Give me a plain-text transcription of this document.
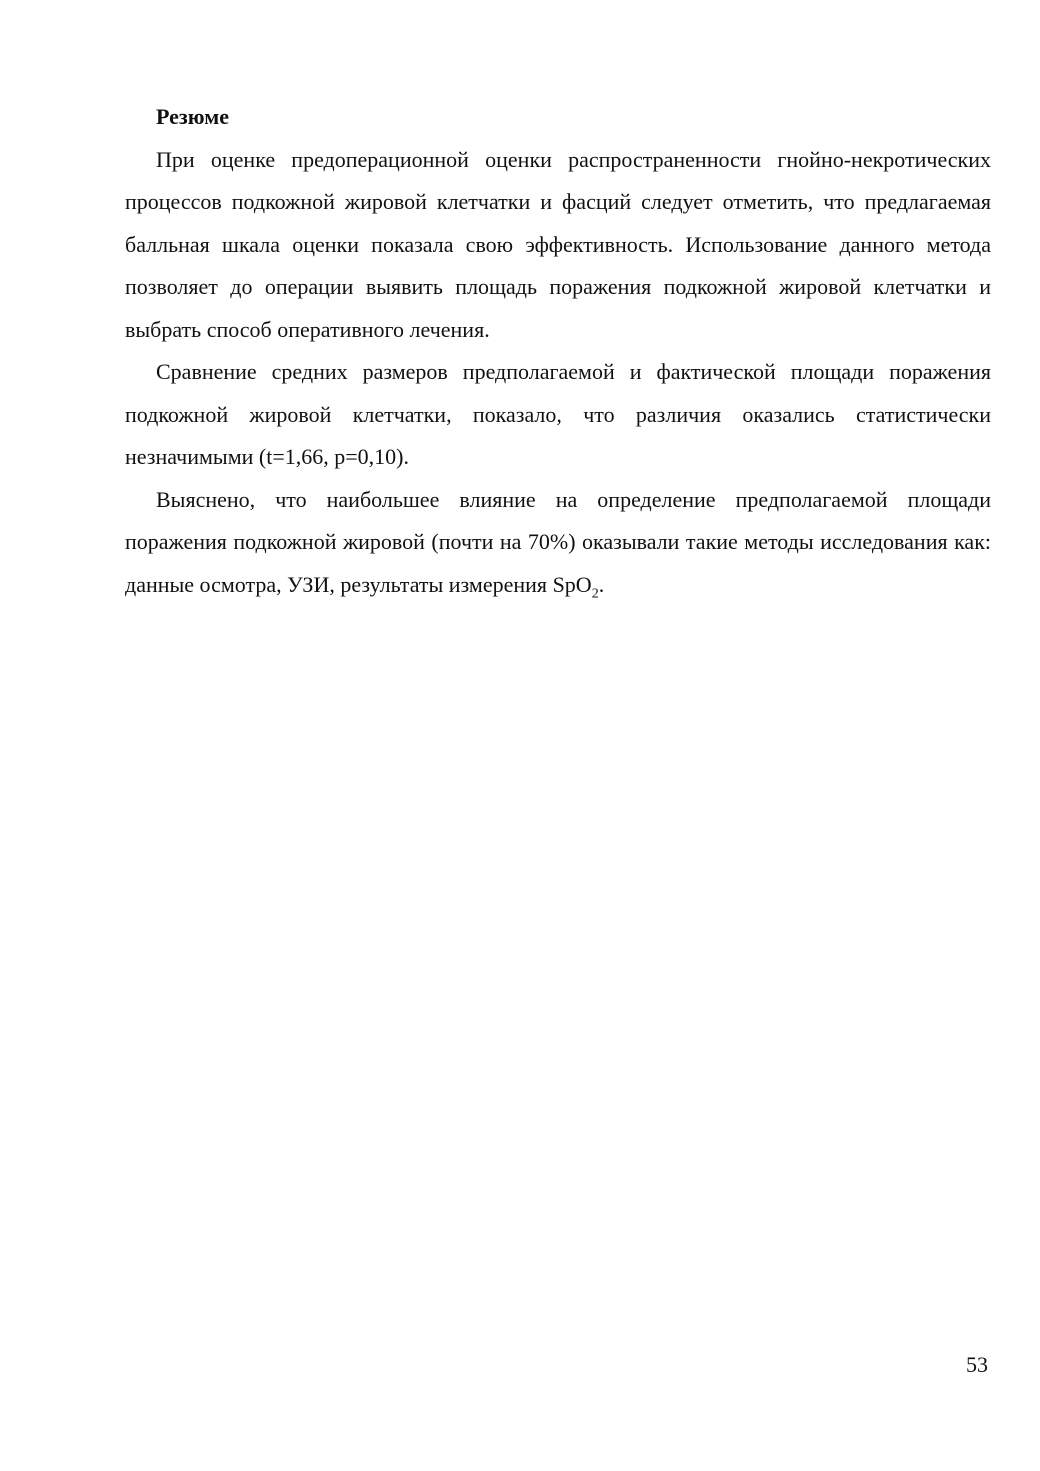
Резюме

При оценке предоперационной оценки распространенности гнойно-некротических процессов подкожной жировой клетчатки и фасций следует отметить, что предлагаемая балльная шкала оценки показала свою эффективность. Использование данного метода позволяет до операции выявить площадь поражения подкожной жировой клетчатки и выбрать способ оперативного лечения.

Сравнение средних размеров предполагаемой и фактической площади поражения подкожной жировой клетчатки, показало, что различия оказались статистически незначимыми (t=1,66, p=0,10).

Выяснено, что наибольшее влияние на определение предполагаемой площади поражения подкожной жировой (почти на 70%) оказывали такие методы исследования как: данные осмотра, УЗИ, результаты измерения SpO$_2$.

53
